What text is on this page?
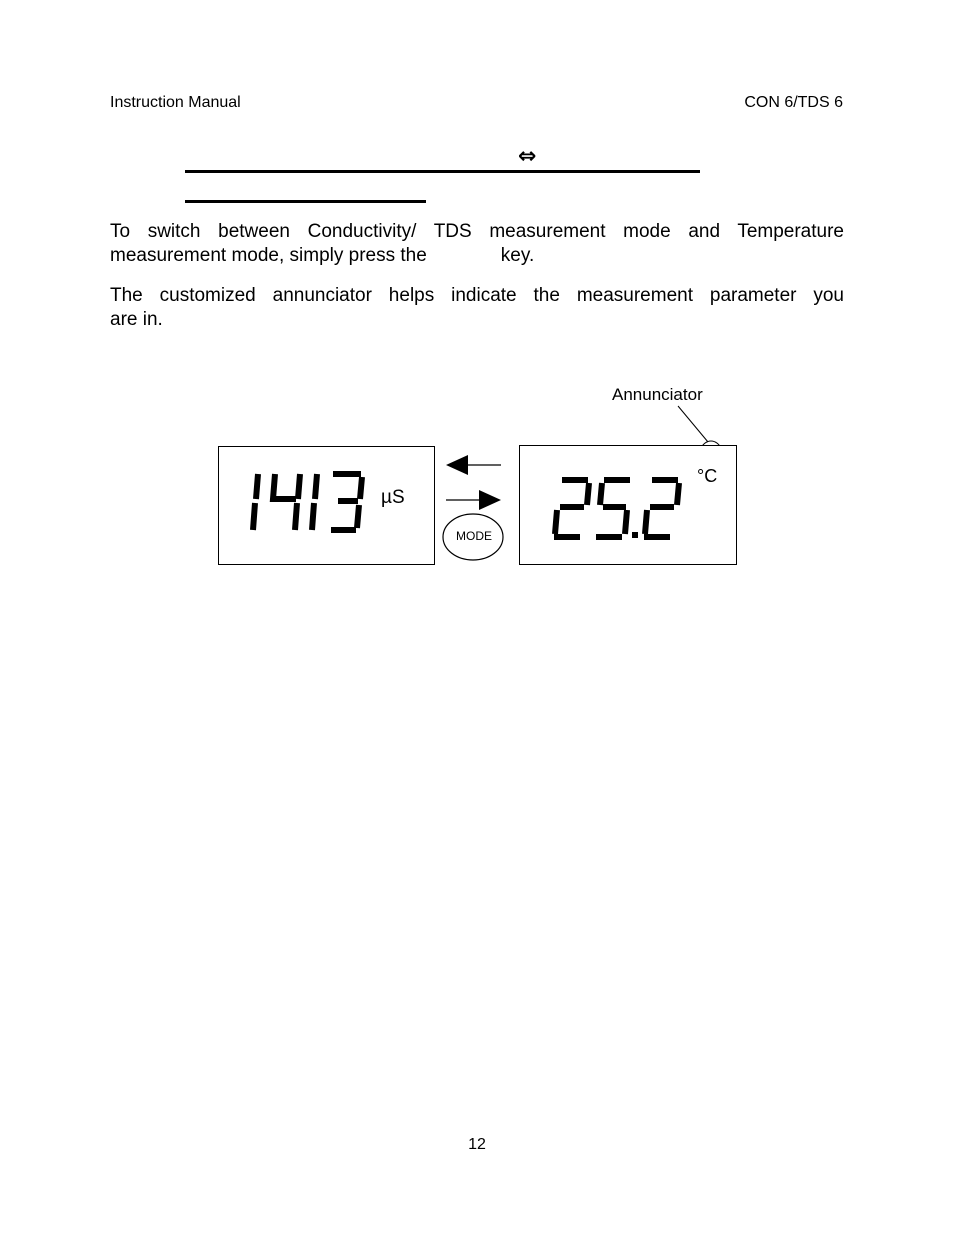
Instruction Manual	CON 6/TDS 6
⇔
To switch between Conductivity/ TDS measurement mode and Temperature
measurement mode, simply press the	key.
The customized annunciator helps indicate the measurement parameter you
are in.
Annunciator
µS
MODE
°C
12
